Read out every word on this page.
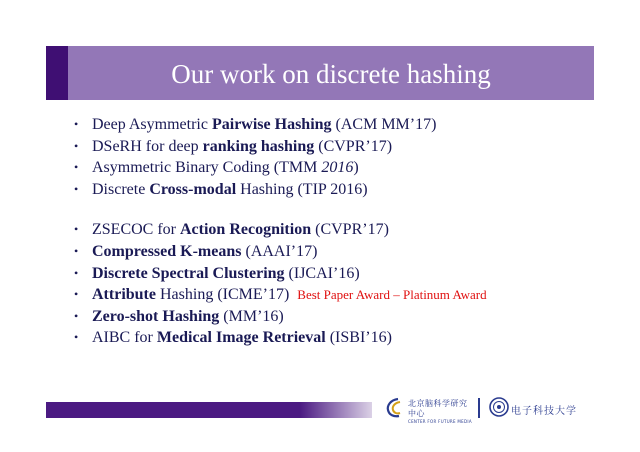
Our work on discrete hashing
• Deep Asymmetric Pairwise Hashing (ACM MM’17)
• DSeRH for deep ranking hashing (CVPR’17)
• Asymmetric Binary Coding (TMM 2016)
• Discrete Cross-modal Hashing (TIP 2016)
• ZSECOC for Action Recognition (CVPR’17)
• Compressed K-means (AAAI’17)
• Discrete Spectral Clustering (IJCAI’16)
• Attribute Hashing (ICME’17) Best Paper Award – Platinum Award
• Zero-shot Hashing (MM’16)
• AIBC for Medical Image Retrieval (ISBI’16)
北京脑科学研究中心
CENTER FOR FUTURE MEDIA
电子科技大学
